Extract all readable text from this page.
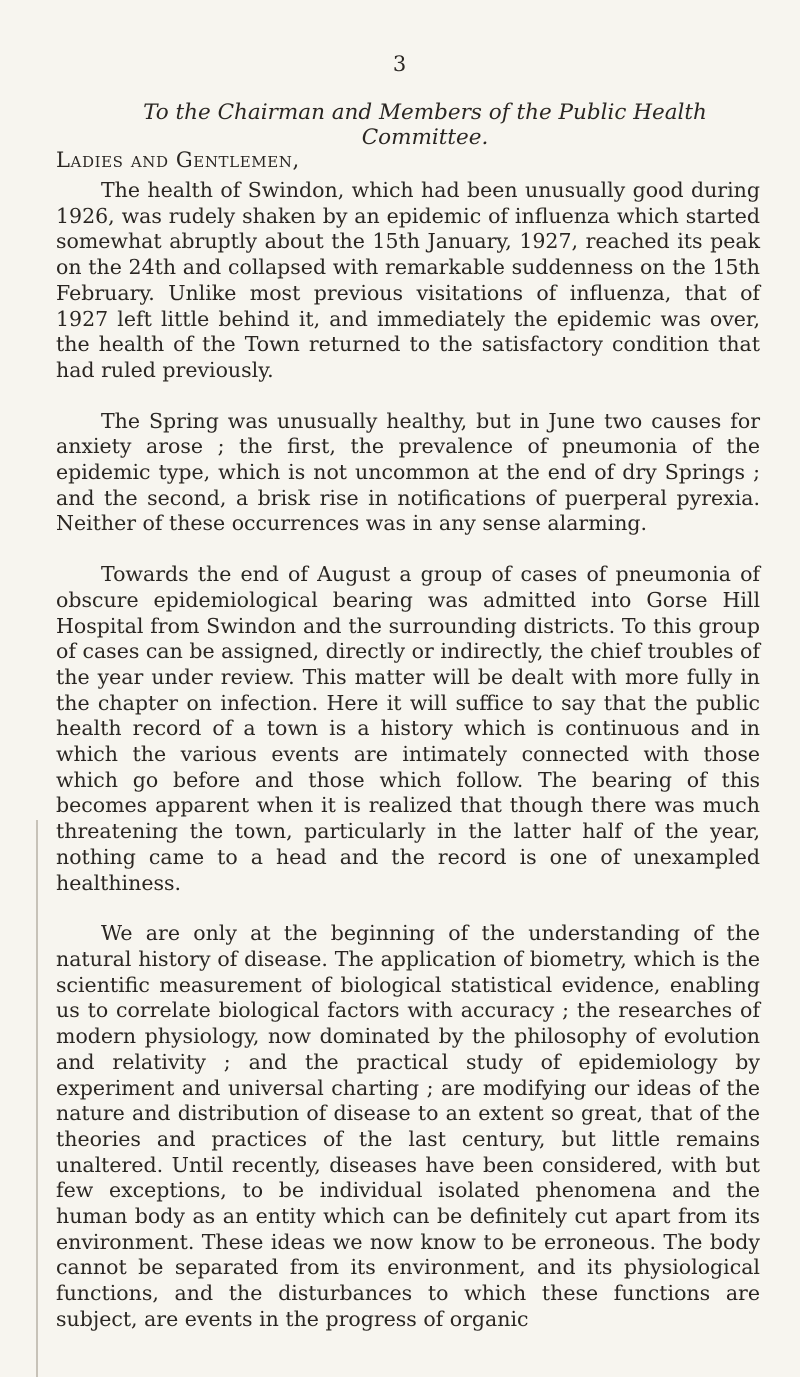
3
To the Chairman and Members of the Public Health Committee.
Ladies and Gentlemen,

The health of Swindon, which had been unusually good during 1926, was rudely shaken by an epidemic of influenza which started somewhat abruptly about the 15th January, 1927, reached its peak on the 24th and collapsed with remarkable suddenness on the 15th February. Unlike most previous visitations of influenza, that of 1927 left little behind it, and immediately the epidemic was over, the health of the Town returned to the satisfactory condition that had ruled previously.

The Spring was unusually healthy, but in June two causes for anxiety arose ; the first, the prevalence of pneumonia of the epidemic type, which is not uncommon at the end of dry Springs ; and the second, a brisk rise in notifications of puerperal pyrexia. Neither of these occurrences was in any sense alarming.

Towards the end of August a group of cases of pneumonia of obscure epidemiological bearing was admitted into Gorse Hill Hospital from Swindon and the surrounding districts. To this group of cases can be assigned, directly or indirectly, the chief troubles of the year under review. This matter will be dealt with more fully in the chapter on infection. Here it will suffice to say that the public health record of a town is a history which is continuous and in which the various events are intimately connected with those which go before and those which follow. The bearing of this becomes apparent when it is realized that though there was much threatening the town, particularly in the latter half of the year, nothing came to a head and the record is one of unexampled healthiness.

We are only at the beginning of the understanding of the natural history of disease. The application of biometry, which is the scientific measurement of biological statistical evidence, enabling us to correlate biological factors with accuracy ; the researches of modern physiology, now dominated by the philosophy of evolution and relativity ; and the practical study of epidemiology by experiment and universal charting ; are modifying our ideas of the nature and distribution of disease to an extent so great, that of the theories and practices of the last century, but little remains unaltered. Until recently, diseases have been considered, with but few exceptions, to be individual isolated phenomena and the human body as an entity which can be definitely cut apart from its environment. These ideas we now know to be erroneous. The body cannot be separated from its environment, and its physiological functions, and the disturbances to which these functions are subject, are events in the progress of organic
